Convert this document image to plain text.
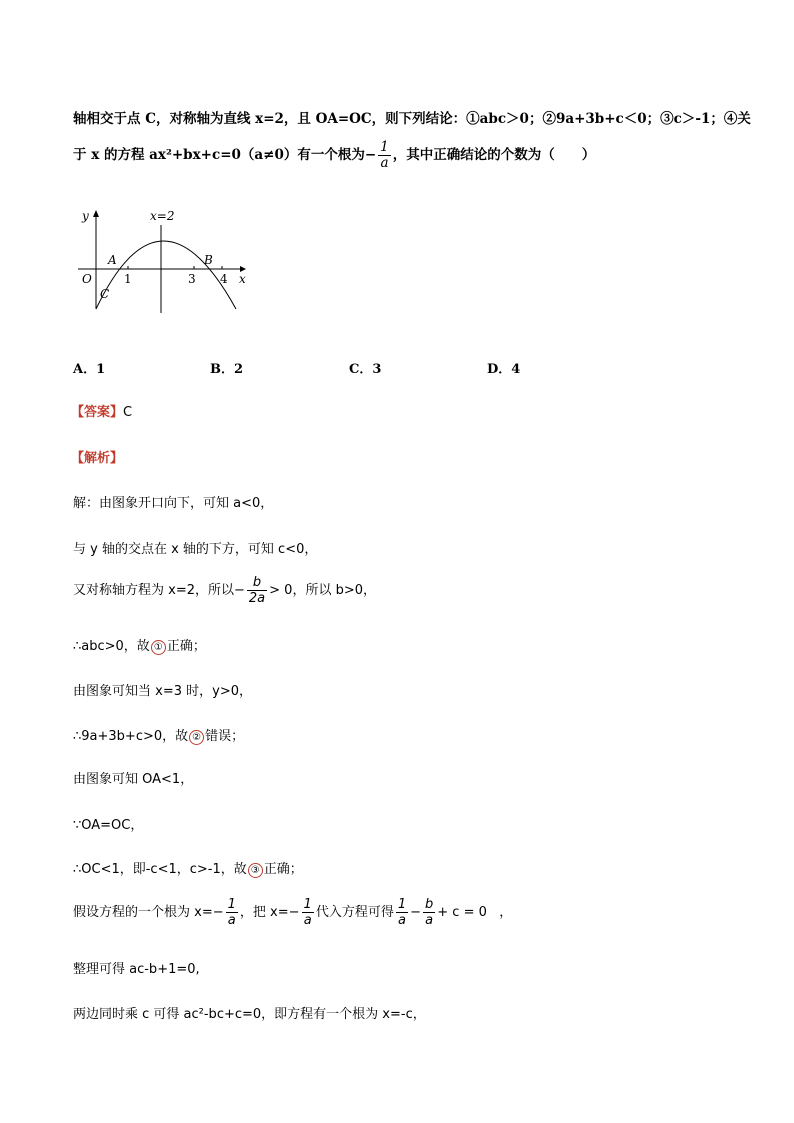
轴相交于点 C，对称轴为直线 x=2，且 OA=OC，则下列结论：①abc＞0；②9a+3b+c＜0；③c＞-1；④关
于 x 的方程 ax²+bx+c=0（a≠0）有一个根为− $\frac{1}{a}$ ，其中正确结论的个数为（　　）
y
x
x=2
A	B
O
C
1	3 4
A．1	B．2	C．3	D．4
【答案】C
【解析】
解：由图象开口向下，可知 a<0，
与 y 轴的交点在 x 轴的下方，可知 c<0，
又对称轴方程为 x=2，所以− $\frac{b}{2a} > 0$，所以 b>0，
∴abc>0，故 ① 正确；
由图象可知当 x=3 时，y>0，
∴9a+3b+c>0，故 ② 错误；
由图象可知 OA<1，
∵OA=OC，
∴OC<1，即-c<1，c>-1，故 ③ 正确；
假设方程的一个根为 $x=- \frac{1}{a}$ ，把 $x=- \frac{1}{a}$ 代入方程可得 $\frac{1}{a} - \frac{b}{a} + c = 0$ ，
整理可得 ac-b+1=0,
两边同时乘 c 可得 ac²-bc+c=0，即方程有一个根为 x=-c，
